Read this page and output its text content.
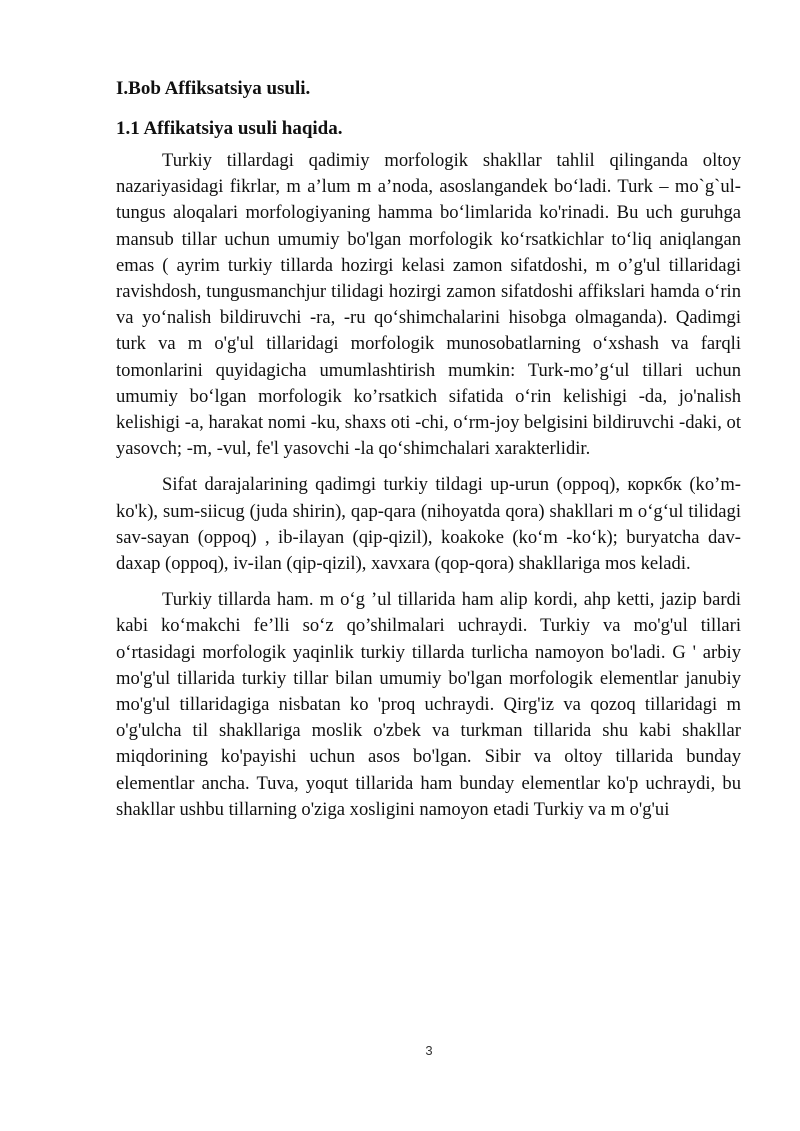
I.Bob Affiksatsiya usuli.
1.1 Affikatsiya usuli haqida.

Turkiy tillardagi qadimiy morfologik shakllar tahlil qilinganda oltoy nazariyasidagi fikrlar, m a’lum m a’noda, asoslangandek bo‘ladi. Turk – mo`g`ul-tungus aloqalari morfologiyaning hamma bo‘limlarida ko'rinadi. Bu uch guruhga mansub tillar uchun umumiy bo'lgan morfologik ko‘rsatkichlar to‘liq aniqlangan emas ( ayrim turkiy tillarda hozirgi kelasi zamon sifatdoshi, m o’g'ul tillaridagi ravishdosh, tungusmanchjur tilidagi hozirgi zamon sifatdoshi affikslari hamda o‘rin va yo‘nalish bildiruvchi -ra, -ru qo‘shimchalarini hisobga olmaganda). Qadimgi turk va m o'g'ul tillaridagi morfologik munosobatlarning o‘xshash va farqli tomonlarini quyidagicha umumlashtirish mumkin: Turk-mo’g‘ul tillari uchun umumiy bo‘lgan morfologik ko’rsatkich sifatida o‘rin kelishigi -da, jo'nalish kelishigi -a, harakat nomi -ku, shaxs oti -chi, o‘rm-joy belgisini bildiruvchi -daki, ot yasovch; -m, -vul, fe'l yasovchi -la qo‘shimchalari xarakterlidir.

Sifat darajalarining qadimgi turkiy tildagi up-urun (oppoq), корκбк (ko’m-ko'k), sum-siicug (juda shirin), qap-qara (nihoyatda qora) shakllari m o‘g‘ul tilidagi sav-sayan (oppoq) , ib-ilayan (qip-qizil), koakoke (ko‘m -ko‘k); buryatcha dav-daxap (oppoq), iv-ilan (qip-qizil), xavxara (qop-qora) shakllariga mos keladi.

Turkiy tillarda ham. m o‘g ’ul tillarida ham alip kordi, ahp ketti, jazip bardi kabi ko‘makchi fe’lli so‘z qo’shilmalari uchraydi. Turkiy va mo'g'ul tillari o‘rtasidagi morfologik yaqinlik turkiy tillarda turlicha namoyon bo'ladi. G ' arbiy mo'g'ul tillarida turkiy tillar bilan umumiy bo'lgan morfologik elementlar janubiy mo'g'ul tillaridagiga nisbatan ko 'proq uchraydi. Qirg'iz va qozoq tillaridagi m o'g'ulcha til shakllariga moslik o'zbek va turkman tillarida shu kabi shakllar miqdorining ko'payishi uchun asos bo'lgan. Sibir va oltoy tillarida bunday elementlar ancha. Tuva, yoqut tillarida ham bunday elementlar ko'p uchraydi, bu shakllar ushbu tillarning o'ziga xosligini namoyon etadi Turkiy va m o'g'ui

3
